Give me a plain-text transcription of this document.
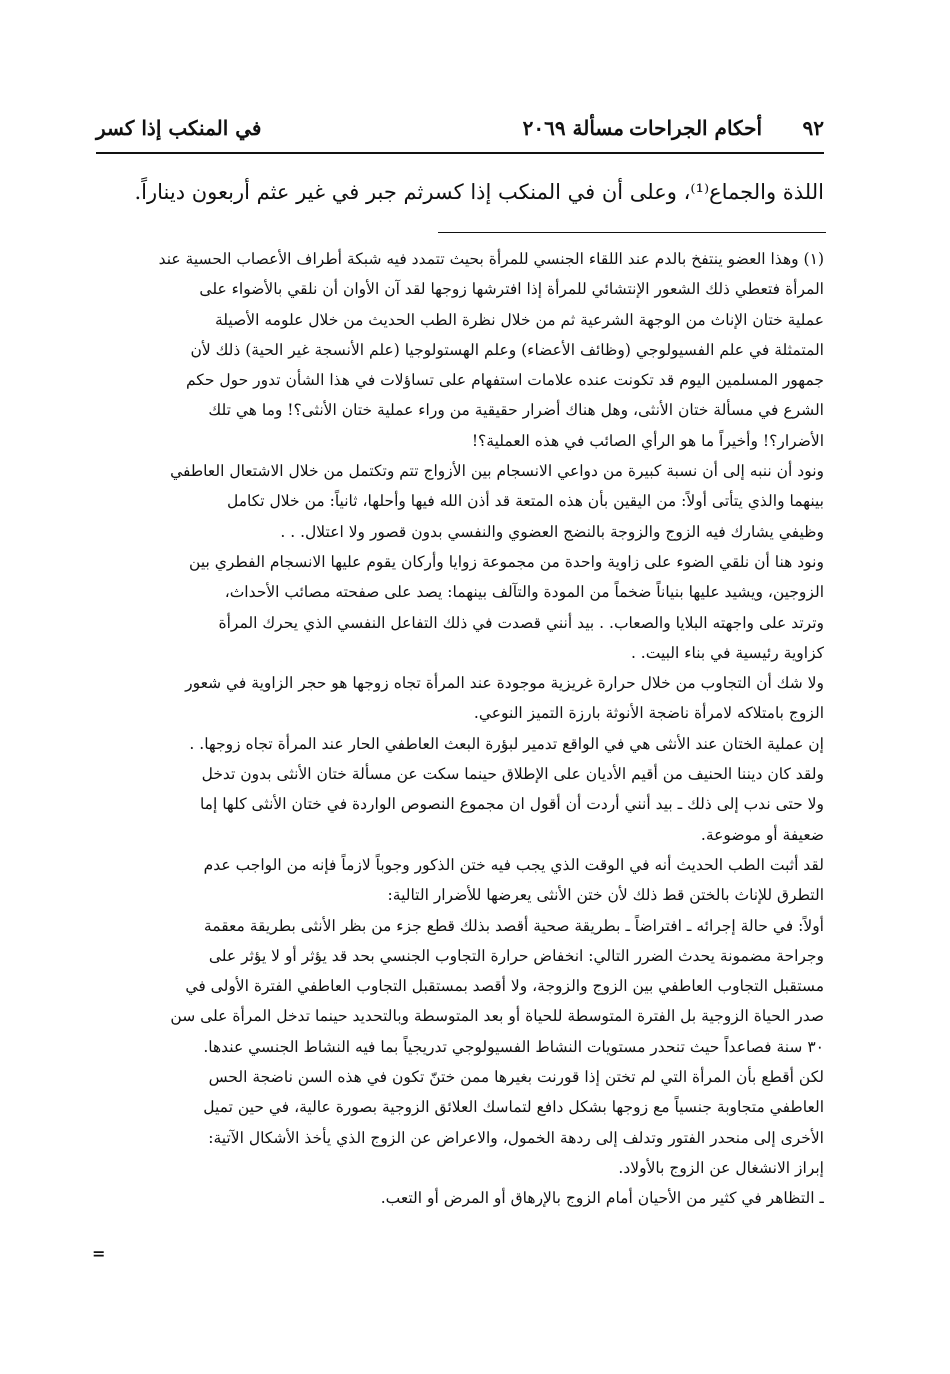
٩٢
أحكام الجراحات
مسألة ٢٠٦٩
في المنكب إذا كسر
اللذة والجماع⁽¹⁾، وعلى أن في المنكب إذا كسرثم جبر في غير عثم أربعون ديناراً.
(١) وهذا العضو ينتفخ بالدم عند اللقاء الجنسي للمرأة بحيث تتمدد فيه شبكة أطراف الأعصاب الحسية عند
المرأة فتعطي ذلك الشعور الإنتشائي للمرأة إذا افترشها زوجها لقد آن الأوان أن نلقي بالأضواء على
عملية ختان الإناث من الوجهة الشرعية ثم من خلال نظرة الطب الحديث من خلال علومه الأصيلة
المتمثلة في علم الفسيولوجي (وظائف الأعضاء) وعلم الهستولوجيا (علم الأنسجة غير الحية) ذلك لأن
جمهور المسلمين اليوم قد تكونت عنده علامات استفهام على تساؤلات في هذا الشأن تدور حول حكم
الشرع في مسألة ختان الأنثى، وهل هناك أضرار حقيقية من وراء عملية ختان الأنثى؟! وما هي تلك
الأضرار؟! وأخيراً ما هو الرأي الصائب في هذه العملية؟!
ونود أن ننبه إلى أن نسبة كبيرة من دواعي الانسجام بين الأزواج تتم وتكتمل من خلال الاشتعال العاطفي
بينهما والذي يتأتى أولاً: من اليقين بأن هذه المتعة قد أذن الله فيها وأحلها، ثانياً: من خلال تكامل
وظيفي يشارك فيه الزوج والزوجة بالنضج العضوي والنفسي بدون قصور ولا اعتلال. . .
ونود هنا أن نلقي الضوء على زاوية واحدة من مجموعة زوايا وأركان يقوم عليها الانسجام الفطري بين
الزوجين، ويشيد عليها بنياناً ضخماً من المودة والتآلف بينهما: يصد على صفحته مصائب الأحداث،
وترتد على واجهته البلايا والصعاب. . بيد أنني قصدت في ذلك التفاعل النفسي الذي يحرك المرأة
كزاوية رئيسية في بناء البيت. .
ولا شك أن التجاوب من خلال حرارة غريزية موجودة عند المرأة تجاه زوجها هو حجر الزاوية في شعور
الزوج بامتلاكه لامرأة ناضجة الأنوثة بارزة التميز النوعي.
إن عملية الختان عند الأنثى هي في الواقع تدمير لبؤرة البعث العاطفي الحار عند المرأة تجاه زوجها. .
ولقد كان ديننا الحنيف من أقيم الأديان على الإطلاق حينما سكت عن مسألة ختان الأنثى بدون تدخل
ولا حتى ندب إلى ذلك ـ بيد أنني أردت أن أقول ان مجموع النصوص الواردة في ختان الأنثى كلها إما
ضعيفة أو موضوعة.
لقد أثبت الطب الحديث أنه في الوقت الذي يجب فيه ختن الذكور وجوباً لازماً فإنه من الواجب عدم
التطرق للإناث بالختن قط ذلك لأن ختن الأنثى يعرضها للأضرار التالية:
أولاً: في حالة إجرائه ـ افتراضاً ـ بطريقة صحية أقصد بذلك قطع جزء من بظر الأنثى بطريقة معقمة
وجراحة مضمونة يحدث الضرر التالي: انخفاض حرارة التجاوب الجنسي بحد قد يؤثر أو لا يؤثر على
مستقبل التجاوب العاطفي بين الزوج والزوجة، ولا أقصد بمستقبل التجاوب العاطفي الفترة الأولى في
صدر الحياة الزوجية بل الفترة المتوسطة للحياة أو بعد المتوسطة وبالتحديد حينما تدخل المرأة على سن
٣٠ سنة فصاعداً حيث تنحدر مستويات النشاط الفسيولوجي تدريجياً بما فيه النشاط الجنسي عندها.
لكن أقطع بأن المرأة التي لم تختن إذا قورنت بغيرها ممن ختنّ تكون في هذه السن ناضجة الحس
العاطفي متجاوبة جنسياً مع زوجها بشكل دافع لتماسك العلائق الزوجية بصورة عالية، في حين تميل
الأخرى إلى منحدر الفتور وتدلف إلى ردهة الخمول، والاعراض عن الزوج الذي يأخذ الأشكال الآتية:
إبراز الانشغال عن الزوج بالأولاد.
ـ التظاهر في كثير من الأحيان أمام الزوج بالإرهاق أو المرض أو التعب.
=
